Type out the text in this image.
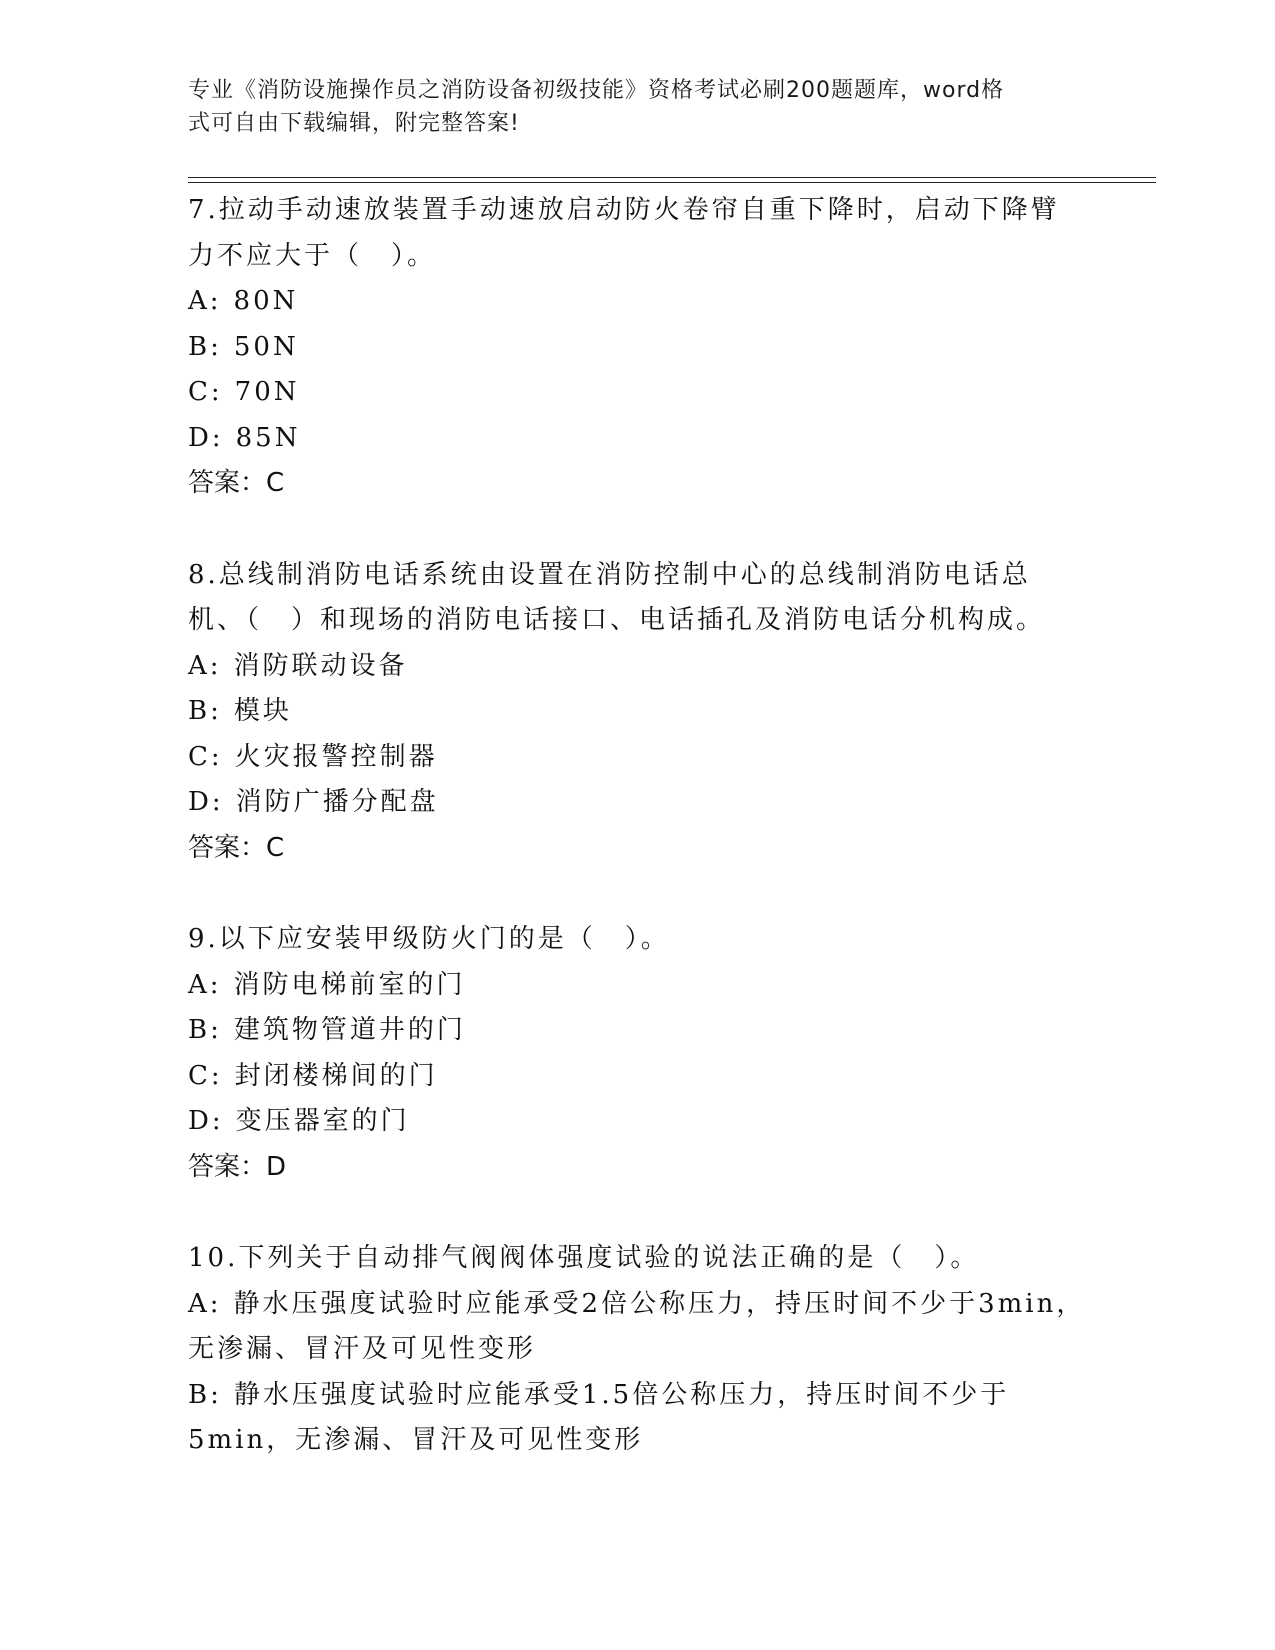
专业《消防设施操作员之消防设备初级技能》资格考试必刷200题题库，word格
式可自由下载编辑，附完整答案!

7.拉动手动速放装置手动速放启动防火卷帘自重下降时，启动下降臂力不应大于（　）。

A: 80N

B: 50N

C: 70N

D: 85N

答案：C

8.总线制消防电话系统由设置在消防控制中心的总线制消防电话总机、（　）和现场的消防电话接口、电话插孔及消防电话分机构成。

A: 消防联动设备

B: 模块

C: 火灾报警控制器

D: 消防广播分配盘

答案：C

9.以下应安装甲级防火门的是（　）。

A: 消防电梯前室的门

B: 建筑物管道井的门

C: 封闭楼梯间的门

D: 变压器室的门

答案：D

10.下列关于自动排气阀阀体强度试验的说法正确的是（　）。

A: 静水压强度试验时应能承受2倍公称压力，持压时间不少于3min，无渗漏、冒汗及可见性变形

B: 静水压强度试验时应能承受1.5倍公称压力，持压时间不少于5min，无渗漏、冒汗及可见性变形
